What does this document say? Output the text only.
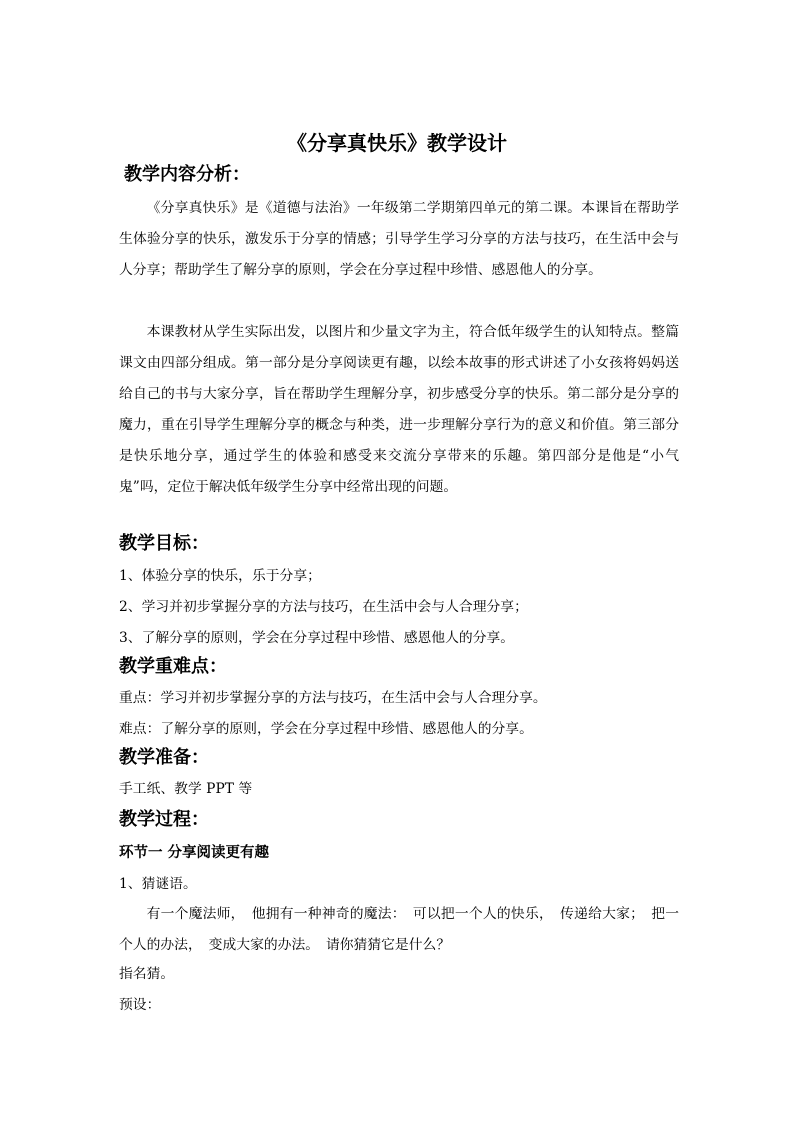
《分享真快乐》教学设计
教学内容分析：

《分享真快乐》是《道德与法治》一年级第二学期第四单元的第二课。本课旨在帮助学生体验分享的快乐，激发乐于分享的情感；引导学生学习分享的方法与技巧，在生活中会与人分享；帮助学生了解分享的原则，学会在分享过程中珍惜、感恩他人的分享。

本课教材从学生实际出发，以图片和少量文字为主，符合低年级学生的认知特点。整篇课文由四部分组成。第一部分是分享阅读更有趣，以绘本故事的形式讲述了小女孩将妈妈送给自己的书与大家分享，旨在帮助学生理解分享，初步感受分享的快乐。第二部分是分享的魔力，重在引导学生理解分享的概念与种类，进一步理解分享行为的意义和价值。第三部分是快乐地分享，通过学生的体验和感受来交流分享带来的乐趣。第四部分是他是“小气鬼”吗，定位于解决低年级学生分享中经常出现的问题。

教学目标：

1、体验分享的快乐，乐于分享；

2、学习并初步掌握分享的方法与技巧，在生活中会与人合理分享；

3、了解分享的原则，学会在分享过程中珍惜、感恩他人的分享。

教学重难点：

重点：学习并初步掌握分享的方法与技巧，在生活中会与人合理分享。

难点：了解分享的原则，学会在分享过程中珍惜、感恩他人的分享。

教学准备：

手工纸、教学 PPT 等

教学过程：
环节一 分享阅读更有趣

1、猜谜语。

有一个魔法师，　他拥有一种神奇的魔法：　可以把一个人的快乐，　传递给大家；　把一个人的办法，　变成大家的办法。　请你猜猜它是什么？

指名猜。

预设：
